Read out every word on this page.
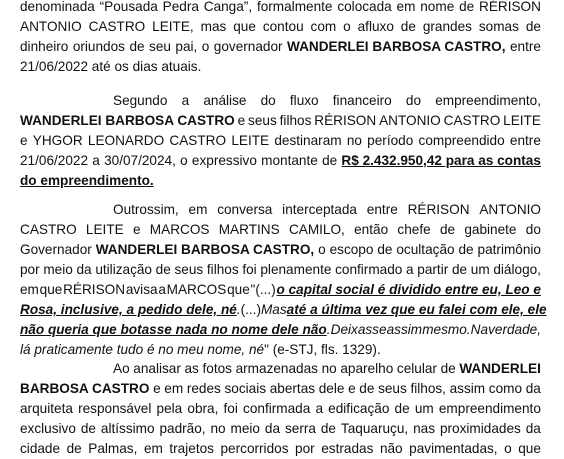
denominada “Pousada Pedra Canga”, formalmente colocada em nome de RÉRISON
ANTONIO CASTRO LEITE, mas que contou com o afluxo de grandes somas de
dinheiro oriundos de seu pai, o governador WANDERLEI BARBOSA CASTRO, entre
21/06/2022 até os dias atuais.
Segundo a análise do fluxo financeiro do empreendimento,
WANDERLEI BARBOSA CASTRO e seus filhos RÉRISON ANTONIO CASTRO LEITE
e YHGOR LEONARDO CASTRO LEITE destinaram no período compreendido entre
21/06/2022 a 30/07/2024, o expressivo montante de R$ 2.432.950,42 para as contas
do empreendimento.
Outrossim, em conversa interceptada entre RÉRISON ANTONIO
CASTRO LEITE e MARCOS MARTINS CAMILO, então chefe de gabinete do
Governador WANDERLEI BARBOSA CASTRO, o escopo de ocultação de patrimônio
por meio da utilização de seus filhos foi plenamente confirmado a partir de um diálogo,
em que RÉRISON avisa a MARCOS que "(...) o capital social é dividido entre eu, Leo e
Rosa, inclusive, a pedido dele, né . (...) Mas até a última vez que eu falei com ele, ele
não queria que botasse nada no nome dele não . Deixasse assim mesmo. Na verdade,
lá praticamente tudo é no meu nome, né" (e-STJ, fls. 1329).
Ao analisar as fotos armazenadas no aparelho celular de WANDERLEI
BARBOSA CASTRO e em redes sociais abertas dele e de seus filhos, assim como da
arquiteta responsável pela obra, foi confirmada a edificação de um empreendimento
exclusivo de altíssimo padrão, no meio da serra de Taquaruçu, nas proximidades da
cidade de Palmas, em trajetos percorridos por estradas não pavimentadas, o que
